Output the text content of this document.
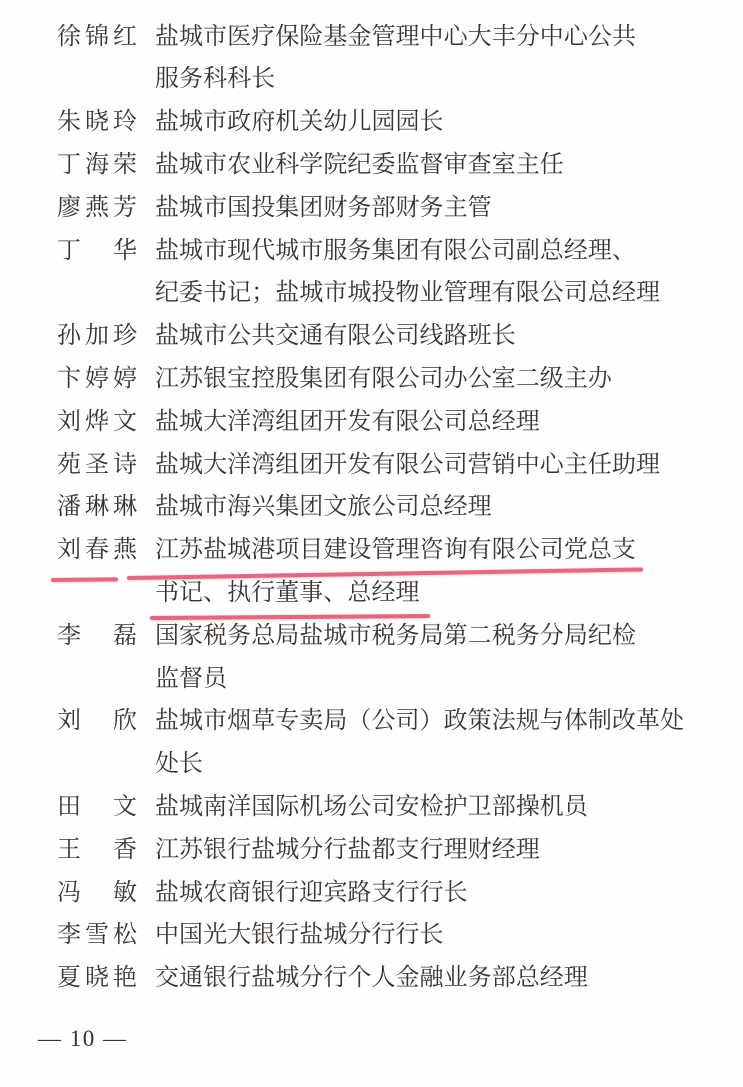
徐锦红 盐城市医疗保险基金管理中心大丰分中心公共
服务科科长
朱晓玲 盐城市政府机关幼儿园园长
丁海荣 盐城市农业科学院纪委监督审查室主任
廖燕芳 盐城市国投集团财务部财务主管
丁　华 盐城市现代城市服务集团有限公司副总经理、
纪委书记；盐城市城投物业管理有限公司总经理
孙加珍 盐城市公共交通有限公司线路班长
卞婷婷 江苏银宝控股集团有限公司办公室二级主办
刘烨文 盐城大洋湾组团开发有限公司总经理
苑圣诗 盐城大洋湾组团开发有限公司营销中心主任助理
潘琳琳 盐城市海兴集团文旅公司总经理
刘春燕 江苏盐城港项目建设管理咨询有限公司党总支
书记、执行董事、总经理
李　磊 国家税务总局盐城市税务局第二税务分局纪检
监督员
刘　欣 盐城市烟草专卖局（公司）政策法规与体制改革处
处长
田　文 盐城南洋国际机场公司安检护卫部操机员
王　香 江苏银行盐城分行盐都支行理财经理
冯　敏 盐城农商银行迎宾路支行行长
李雪松 中国光大银行盐城分行行长
夏晓艳 交通银行盐城分行个人金融业务部总经理
— 10 —
